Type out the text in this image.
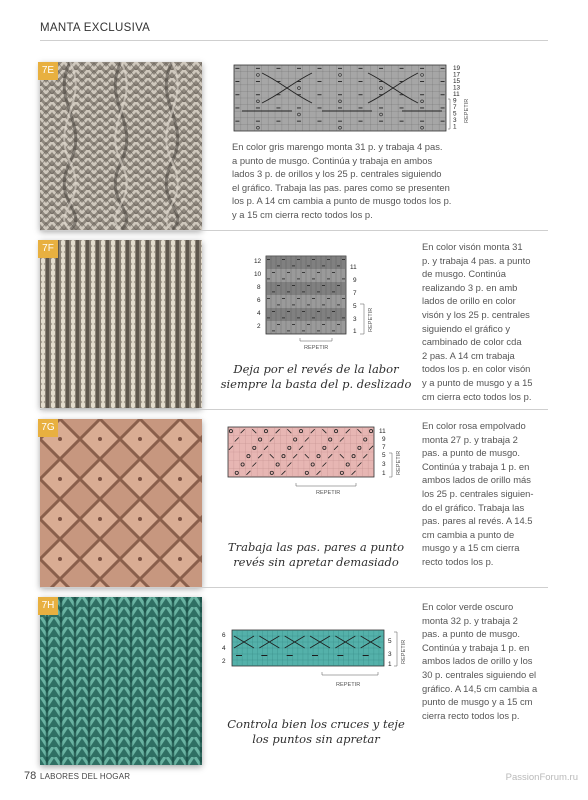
MANTA EXCLUSIVA
7E	19
17
15
13
11
9
7
5
3
1
REPETIR
En color gris marengo monta 31 p. y trabaja 4 pas.
a punto de musgo. Continúa y trabaja en ambos
lados 3 p. de orillos y los 25 p. centrales siguiendo
el gráfico. Trabaja las pas. pares como se presenten
los p. A 14 cm cambia a punto de musgo todos los p.
y a 15 cm cierra recto todos los p.
7F
12
10
8
6
4
2
11
9
7
5
3
1 REPETIR
REPETIR
Deja por el revés de la labor
siempre la basta del p. deslizado
En color visón monta 31
p. y trabaja 4 pas. a punto
de musgo. Continúa
realizando 3 p. en amb
lados de orillo en color
visón y los 25 p. centrales
siguiendo el gráfico y
cambinado de color cda
2 pas. A 14 cm trabaja
todos los p. en color visón
y a punto de musgo y a 15
cm cierra ecto todos los p.
7G	11
9
7
5
3
1 REPETIR
REPETIR
Trabaja las pas. pares a punto
revés sin apretar demasiado
En color rosa empolvado
monta 27 p. y trabaja 2
pas. a punto de musgo.
Continúa y trabaja 1 p. en
ambos lados de orillo más
los 25 p. centrales siguien-
do el gráfico. Trabaja las
pas. pares al revés. A 14.5
cm cambia a punto de
musgo y a 15 cm cierra
recto todos los p.
7H
6
4
2
5
3
1
REPETIR
REPETIR
Controla bien los cruces y teje
los puntos sin apretar
En color verde oscuro
monta 32 p. y trabaja 2
pas. a punto de musgo.
Continúa y trabaja 1 p. en
ambos lados de orillo y los
30 p. centrales siguiendo el
gráfico. A 14,5 cm cambia a
punto de musgo y a 15 cm
cierra recto todos los p.
78 LABORES DEL HOGAR	PassionForum.ru
